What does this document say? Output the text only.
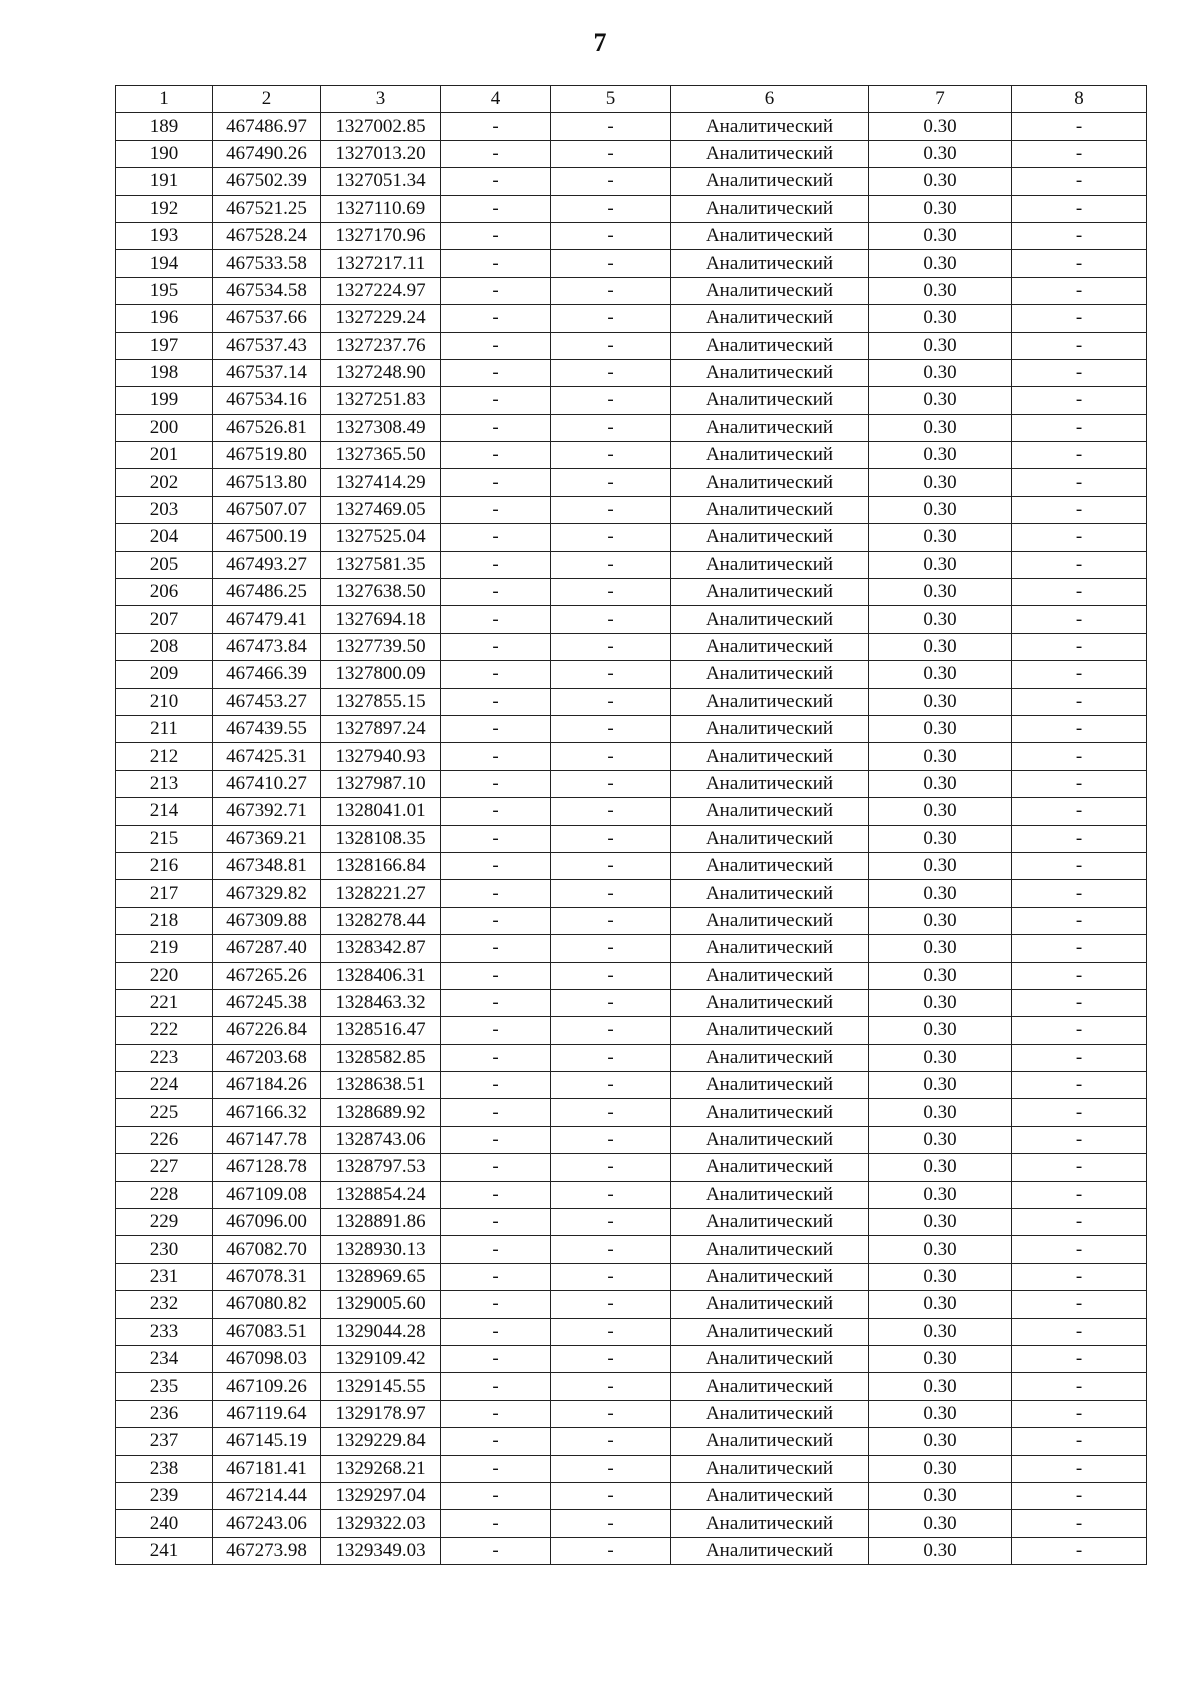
7
1	2	3	4	5	6	7	8
189	467486.97	1327002.85	-	-	Аналитический	0.30	-
190	467490.26	1327013.20	-	-	Аналитический	0.30	-
191	467502.39	1327051.34	-	-	Аналитический	0.30	-
192	467521.25	1327110.69	-	-	Аналитический	0.30	-
193	467528.24	1327170.96	-	-	Аналитический	0.30	-
194	467533.58	1327217.11	-	-	Аналитический	0.30	-
195	467534.58	1327224.97	-	-	Аналитический	0.30	-
196	467537.66	1327229.24	-	-	Аналитический	0.30	-
197	467537.43	1327237.76	-	-	Аналитический	0.30	-
198	467537.14	1327248.90	-	-	Аналитический	0.30	-
199	467534.16	1327251.83	-	-	Аналитический	0.30	-
200	467526.81	1327308.49	-	-	Аналитический	0.30	-
201	467519.80	1327365.50	-	-	Аналитический	0.30	-
202	467513.80	1327414.29	-	-	Аналитический	0.30	-
203	467507.07	1327469.05	-	-	Аналитический	0.30	-
204	467500.19	1327525.04	-	-	Аналитический	0.30	-
205	467493.27	1327581.35	-	-	Аналитический	0.30	-
206	467486.25	1327638.50	-	-	Аналитический	0.30	-
207	467479.41	1327694.18	-	-	Аналитический	0.30	-
208	467473.84	1327739.50	-	-	Аналитический	0.30	-
209	467466.39	1327800.09	-	-	Аналитический	0.30	-
210	467453.27	1327855.15	-	-	Аналитический	0.30	-
211	467439.55	1327897.24	-	-	Аналитический	0.30	-
212	467425.31	1327940.93	-	-	Аналитический	0.30	-
213	467410.27	1327987.10	-	-	Аналитический	0.30	-
214	467392.71	1328041.01	-	-	Аналитический	0.30	-
215	467369.21	1328108.35	-	-	Аналитический	0.30	-
216	467348.81	1328166.84	-	-	Аналитический	0.30	-
217	467329.82	1328221.27	-	-	Аналитический	0.30	-
218	467309.88	1328278.44	-	-	Аналитический	0.30	-
219	467287.40	1328342.87	-	-	Аналитический	0.30	-
220	467265.26	1328406.31	-	-	Аналитический	0.30	-
221	467245.38	1328463.32	-	-	Аналитический	0.30	-
222	467226.84	1328516.47	-	-	Аналитический	0.30	-
223	467203.68	1328582.85	-	-	Аналитический	0.30	-
224	467184.26	1328638.51	-	-	Аналитический	0.30	-
225	467166.32	1328689.92	-	-	Аналитический	0.30	-
226	467147.78	1328743.06	-	-	Аналитический	0.30	-
227	467128.78	1328797.53	-	-	Аналитический	0.30	-
228	467109.08	1328854.24	-	-	Аналитический	0.30	-
229	467096.00	1328891.86	-	-	Аналитический	0.30	-
230	467082.70	1328930.13	-	-	Аналитический	0.30	-
231	467078.31	1328969.65	-	-	Аналитический	0.30	-
232	467080.82	1329005.60	-	-	Аналитический	0.30	-
233	467083.51	1329044.28	-	-	Аналитический	0.30	-
234	467098.03	1329109.42	-	-	Аналитический	0.30	-
235	467109.26	1329145.55	-	-	Аналитический	0.30	-
236	467119.64	1329178.97	-	-	Аналитический	0.30	-
237	467145.19	1329229.84	-	-	Аналитический	0.30	-
238	467181.41	1329268.21	-	-	Аналитический	0.30	-
239	467214.44	1329297.04	-	-	Аналитический	0.30	-
240	467243.06	1329322.03	-	-	Аналитический	0.30	-
241	467273.98	1329349.03	-	-	Аналитический	0.30	-
